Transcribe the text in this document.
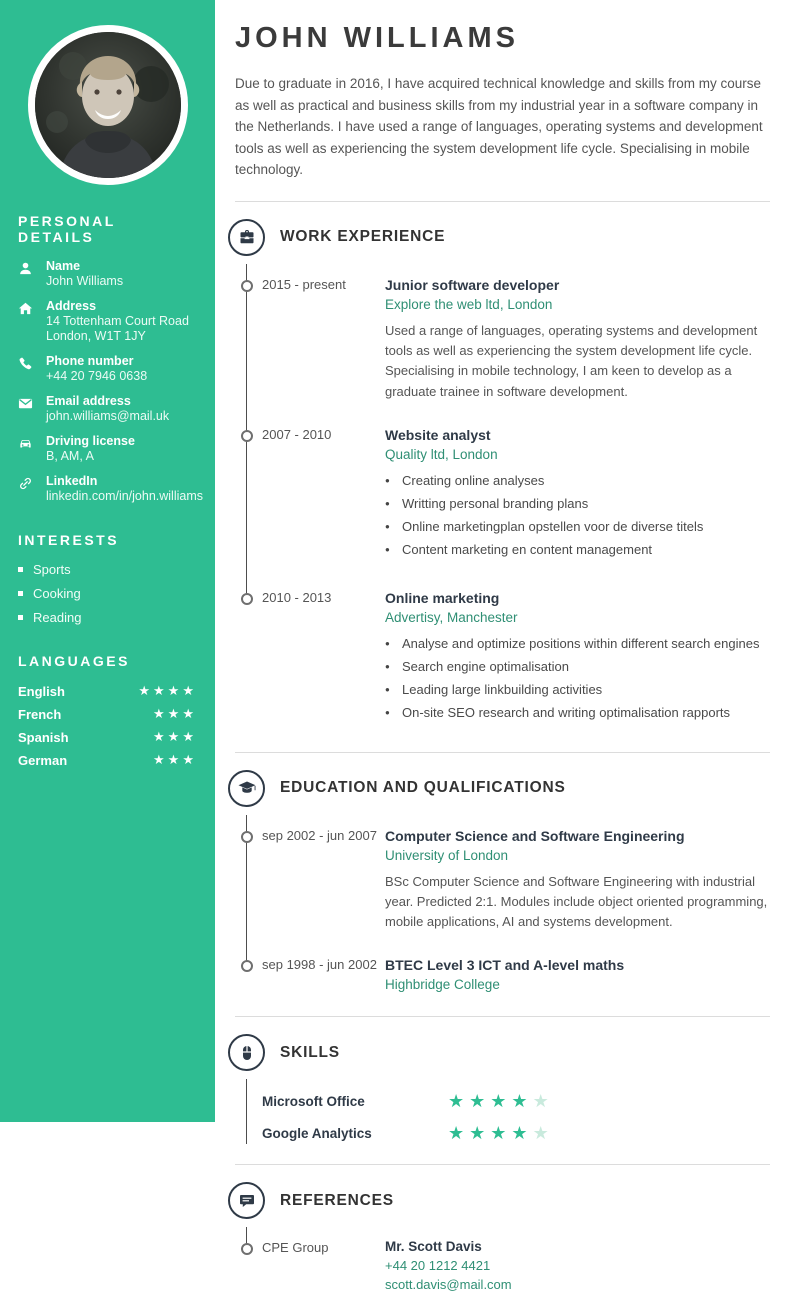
PERSONAL DETAILS
Name
John Williams
Address
14 Tottenham Court Road
London, W1T 1JY
Phone number
+44 20 7946 0638
Email address
john.williams@mail.uk
Driving license
B, AM, A
LinkedIn
linkedin.com/in/john.williams
INTERESTS
Sports
Cooking
Reading
LANGUAGES
English	★★★★
French	★★★
Spanish	★★★
German	★★★
JOHN WILLIAMS

Due to graduate in 2016, I have acquired technical knowledge and skills from my course as well as practical and business skills from my industrial year in a software company in the Netherlands. I have used a range of languages, operating systems and development tools as well as experiencing the system development life cycle. Specialising in mobile technology.

WORK EXPERIENCE
2015 - present	Junior software developer
Explore the web ltd, London
Used a range of languages, operating systems and development tools as well as experiencing the system development life cycle. Specialising in mobile technology, I am keen to develop as a graduate trainee in software development.
2007 - 2010	Website analyst
Quality ltd, London
● Creating online analyses
● Writting personal branding plans
● Online marketingplan opstellen voor de diverse titels
● Content marketing en content management
2010 - 2013	Online marketing
Advertisy, Manchester
● Analyse and optimize positions within different search engines
● Search engine optimalisation
● Leading large linkbuilding activities
● On-site SEO research and writing optimalisation rapports
EDUCATION AND QUALIFICATIONS
sep 2002 - jun 2007 Computer Science and Software Engineering
University of London
BSc Computer Science and Software Engineering with industrial year. Predicted 2:1. Modules include object oriented programming, mobile applications, AI and systems development.
sep 1998 - jun 2002 BTEC Level 3 ICT and A-level maths
Highbridge College
SKILLS
Microsoft Office	★★★★★
Google Analytics	★★★★★
REFERENCES
CPE Group	Mr. Scott Davis
+44 20 1212 4421
scott.davis@mail.com
